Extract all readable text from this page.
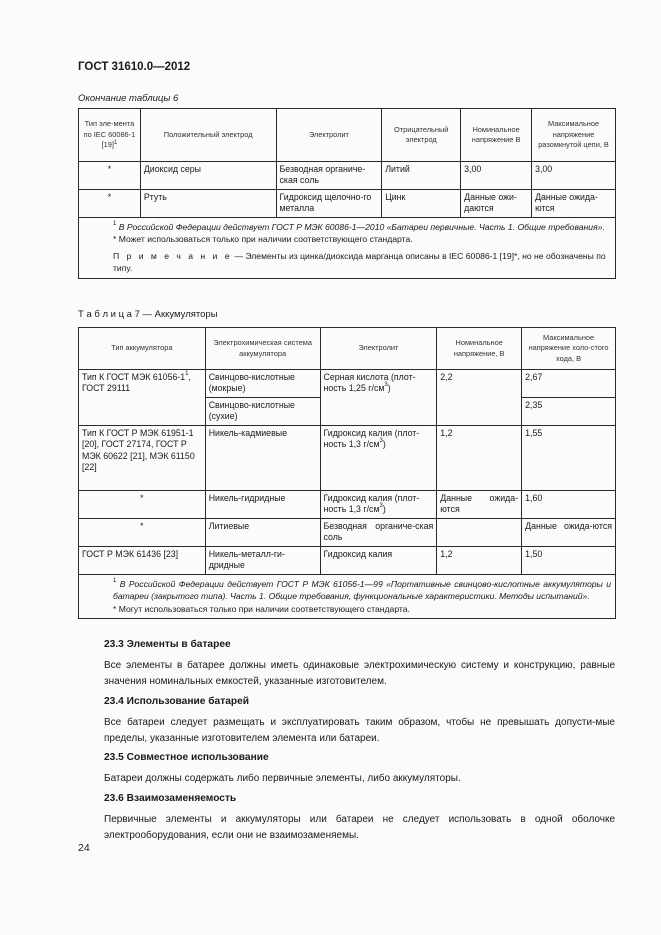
ГОСТ 31610.0—2012
Окончание таблицы 6
Тип эле-мента по IEC 60086-1 $[19]^1$	Положительный электрод	Электролит	Отрицательный электрод	Номинальное напряжение В	Максимальное напряжение разомкнутой цепи, В
*	Диоксид серы	Безводная органиче-ская соль	Литий	3,00	3,00
*	Ртуть	Гидроксид щелочно-го металла	Цинк	Данные ожи-даются	Данные ожида-ются

$^1$ В Российской Федерации действует ГОСТ Р МЭК 60086-1—2010 «Батареи первичные. Часть 1. Общие требования».
* Может использоваться только при наличии соответствующего стандарта.
П р и м е ч а н и е — Элементы из цинка/диоксида марганца описаны в IEC 60086-1 [19]*, но не обозначены по типу.					
Т а б л и ц а 7 — Аккумуляторы
Тип аккумулятора	Электрохимическая система аккумулятора	Электролит	Номинальное напряжение, В	Максимальное напряжение холо-стого хода, В
Тип К ГОСТ МЭК $61056-1^1$, ГОСТ 29111	Свинцово-кислотные (мокрые)	Серная кислота (плот-ность 1,25 $г/см^3$)	2,2	2,67
	Свинцово-кислотные (сухие)			2,35
Тип К ГОСТ Р МЭК 61951-1 [20], ГОСТ 27174, ГОСТ Р МЭК 60622 [21], МЭК 61150 [22]	Никель-кадмиевые	Гидроксид калия (плот-ность 1,3 $г/см^3$)	1,2	1,55
*	Никель-гидридные	Гидроксид калия (плот-ность 1,3 $г/см^3$)	Данные ожида-ются	1,60
*	Литиевые	Безводная органиче-ская соль		Данные ожида-ются
ГОСТ Р МЭК 61436 [23]	Никель-металл-ги-дридные	Гидроксид калия	1,2	1,50

$^1$ В Российской Федерации действует ГОСТ Р МЭК 61056-1—99 «Портативные свинцово-кислотные аккумуляторы и батареи (закрытого типа). Часть 1. Общие требования, функциональные характеристики. Методы испытаний».
* Могут использоваться только при наличии соответствующего стандарта.				
23.3 Элементы в батарее
Все элементы в батарее должны иметь одинаковые электрохимическую систему и конструкцию, равные значения номинальных емкостей, указанные изготовителем.
23.4 Использование батарей
Все батареи следует размещать и эксплуатировать таким образом, чтобы не превышать допусти-мые пределы, указанные изготовителем элемента или батареи.
23.5 Совместное использование
Батареи должны содержать либо первичные элементы, либо аккумуляторы.
23.6 Взаимозаменяемость
Первичные элементы и аккумуляторы или батареи не следует использовать в одной оболочке электрооборудования, если они не взаимозаменяемы.
24
